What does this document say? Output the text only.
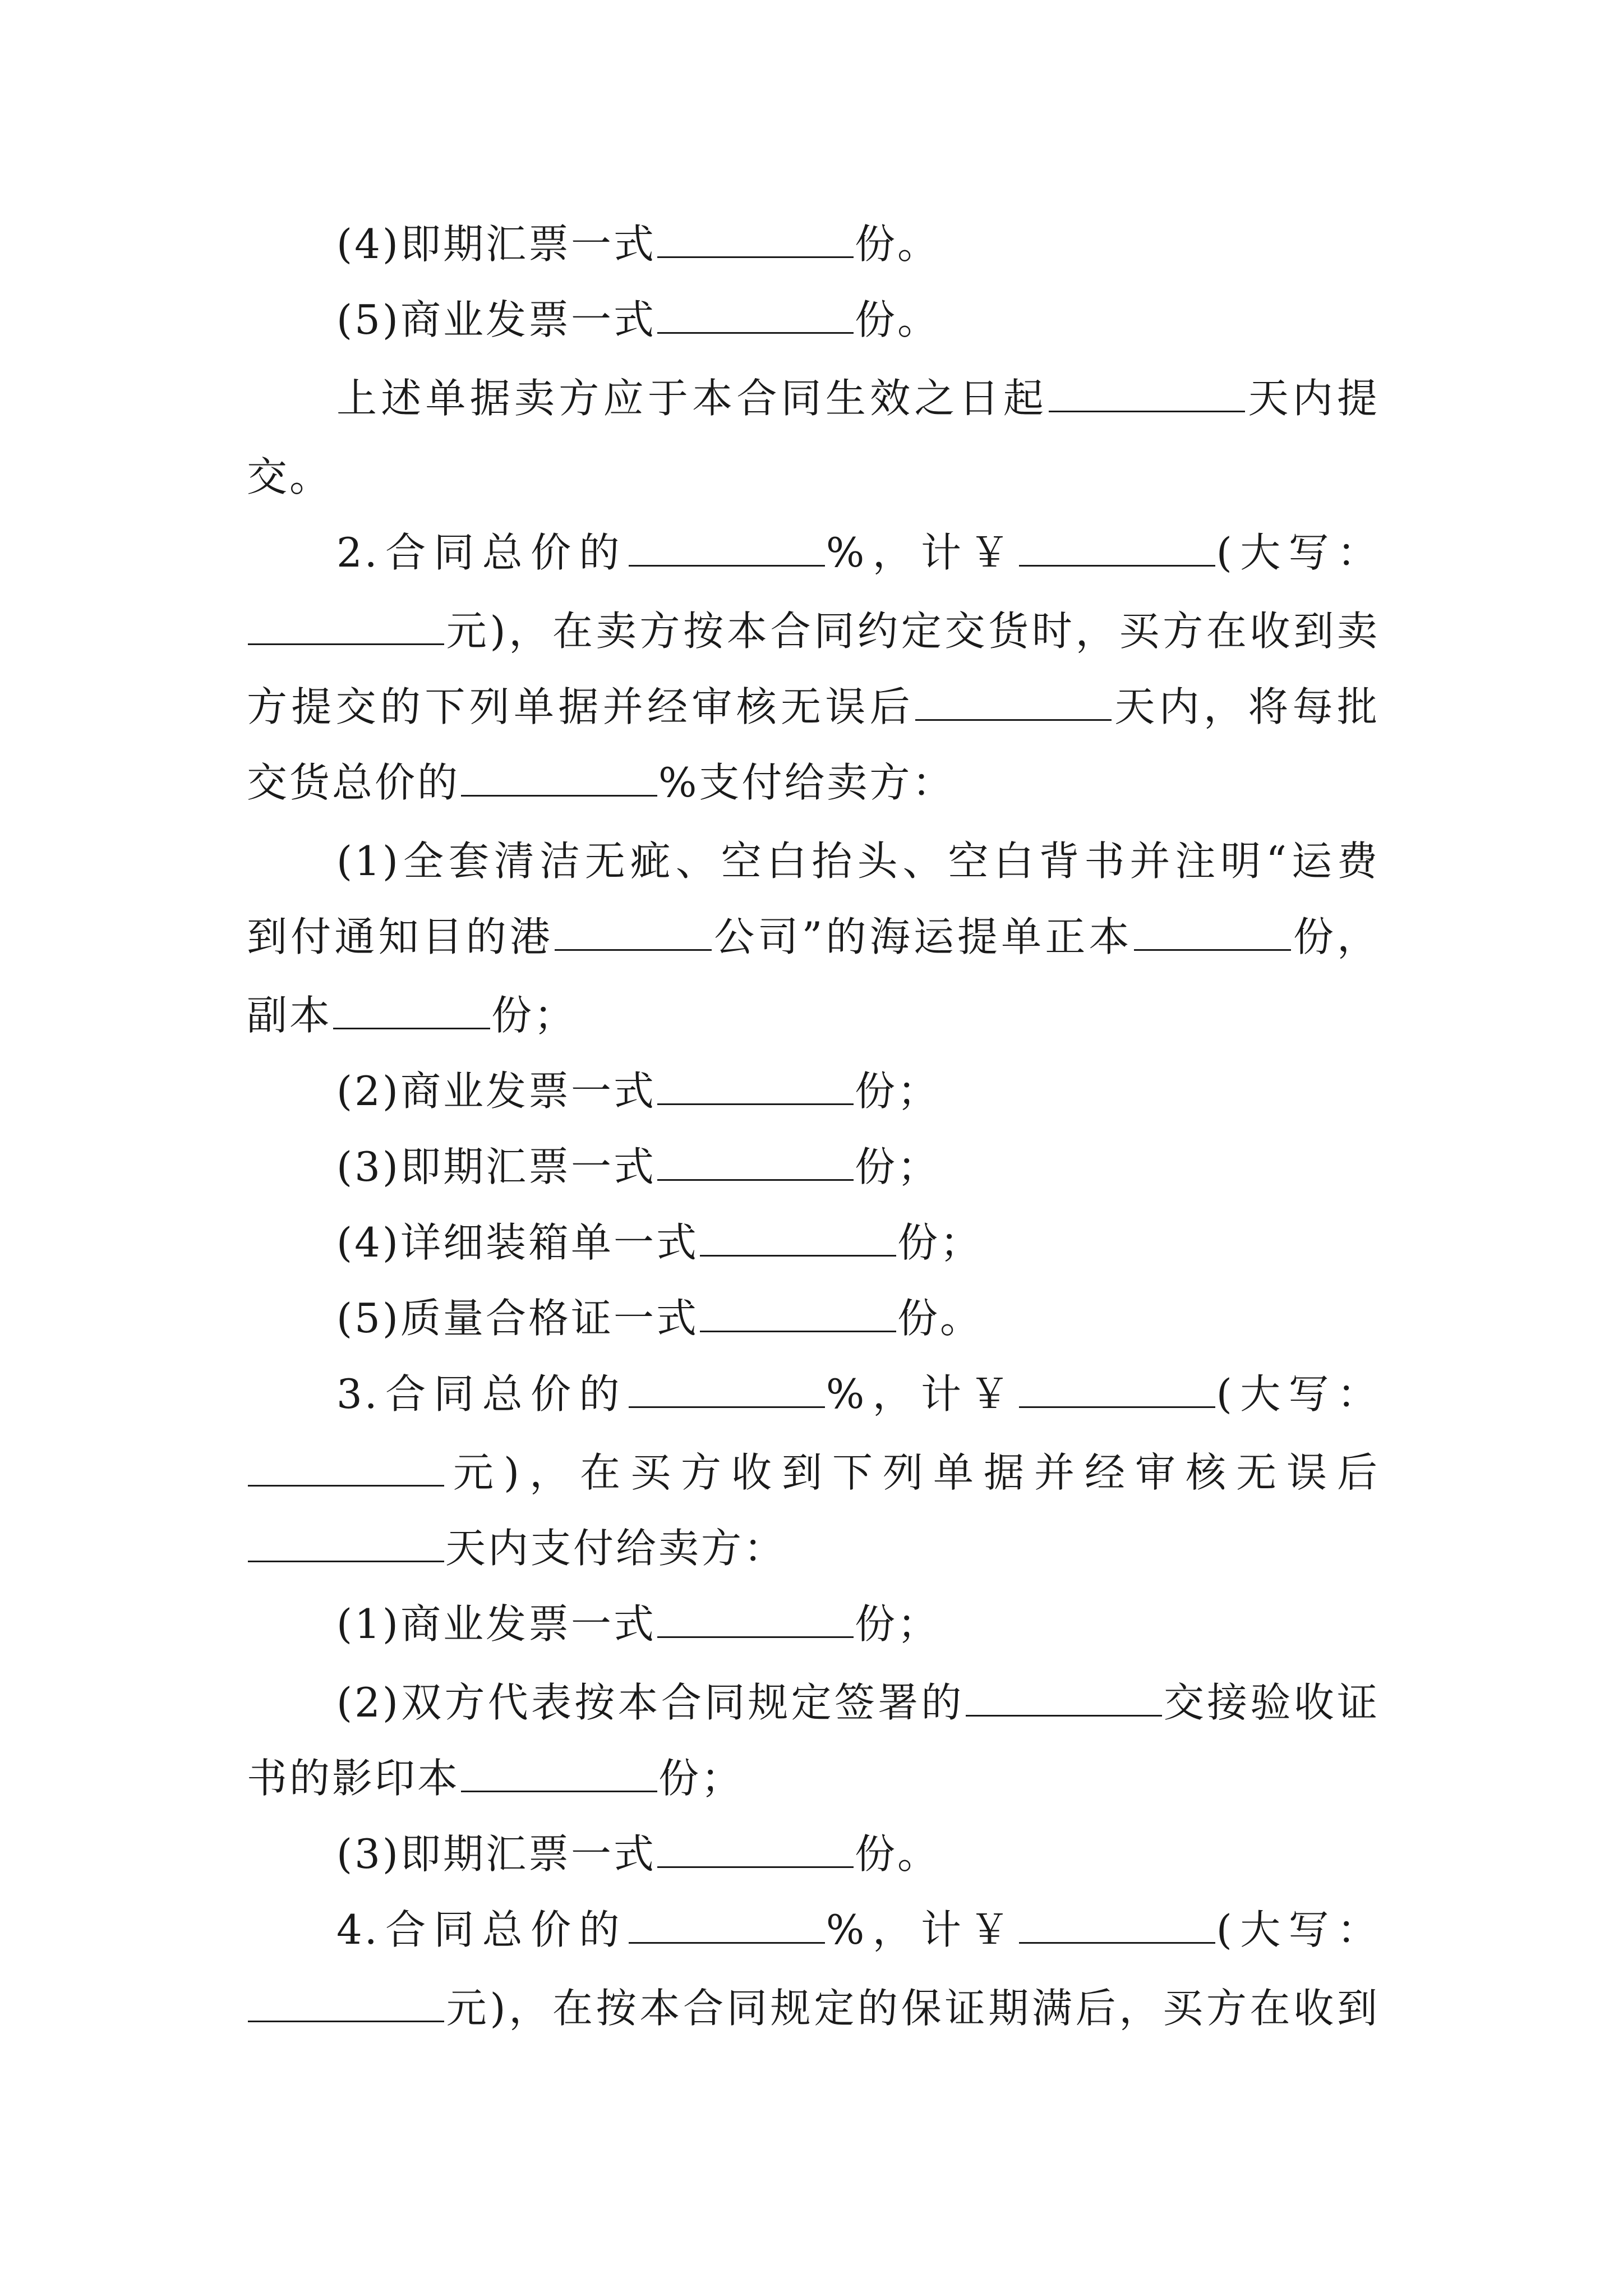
(4)即期汇票一式	份。
(5)商业发票一式	份。
上述单据卖方应于本合同生效之日起	天内提
交。
2.合同总价的	%，计￥	(大写：
元)，在卖方按本合同约定交货时，买方在收到卖
方提交的下列单据并经审核无误后	天内，将每批
交货总价的	%支付给卖方：
(1)全套清洁无疵、空白抬头、空白背书并注明“运费
到付通知目的港	公司”的海运提单正本	份，
副本	份；
(2)商业发票一式	份；
(3)即期汇票一式	份；
(4)详细装箱单一式	份；
(5)质量合格证一式	份。
3.合同总价的	%，计￥	(大写：
元)，在买方收到下列单据并经审核无误后
天内支付给卖方：
(1)商业发票一式	份；
(2)双方代表按本合同规定签署的	交接验收证
书的影印本	份；
(3)即期汇票一式	份。
4.合同总价的	%，计￥	(大写：
元)，在按本合同规定的保证期满后，买方在收到
